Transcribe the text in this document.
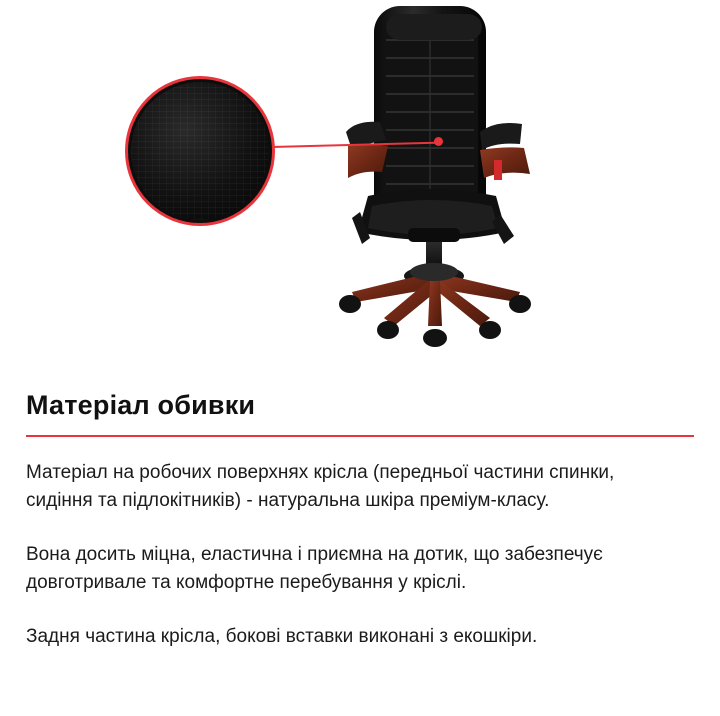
Матеріал обивки

Матеріал на робочих поверхнях крісла (передньої частини спинки, сидіння та підлокітників) - натуральна шкіра преміум-класу.

Вона досить міцна, еластична і приємна на дотик, що забезпечує довготривале та комфортне перебування у кріслі.

Задня частина крісла, бокові вставки виконані з екошкіри.
